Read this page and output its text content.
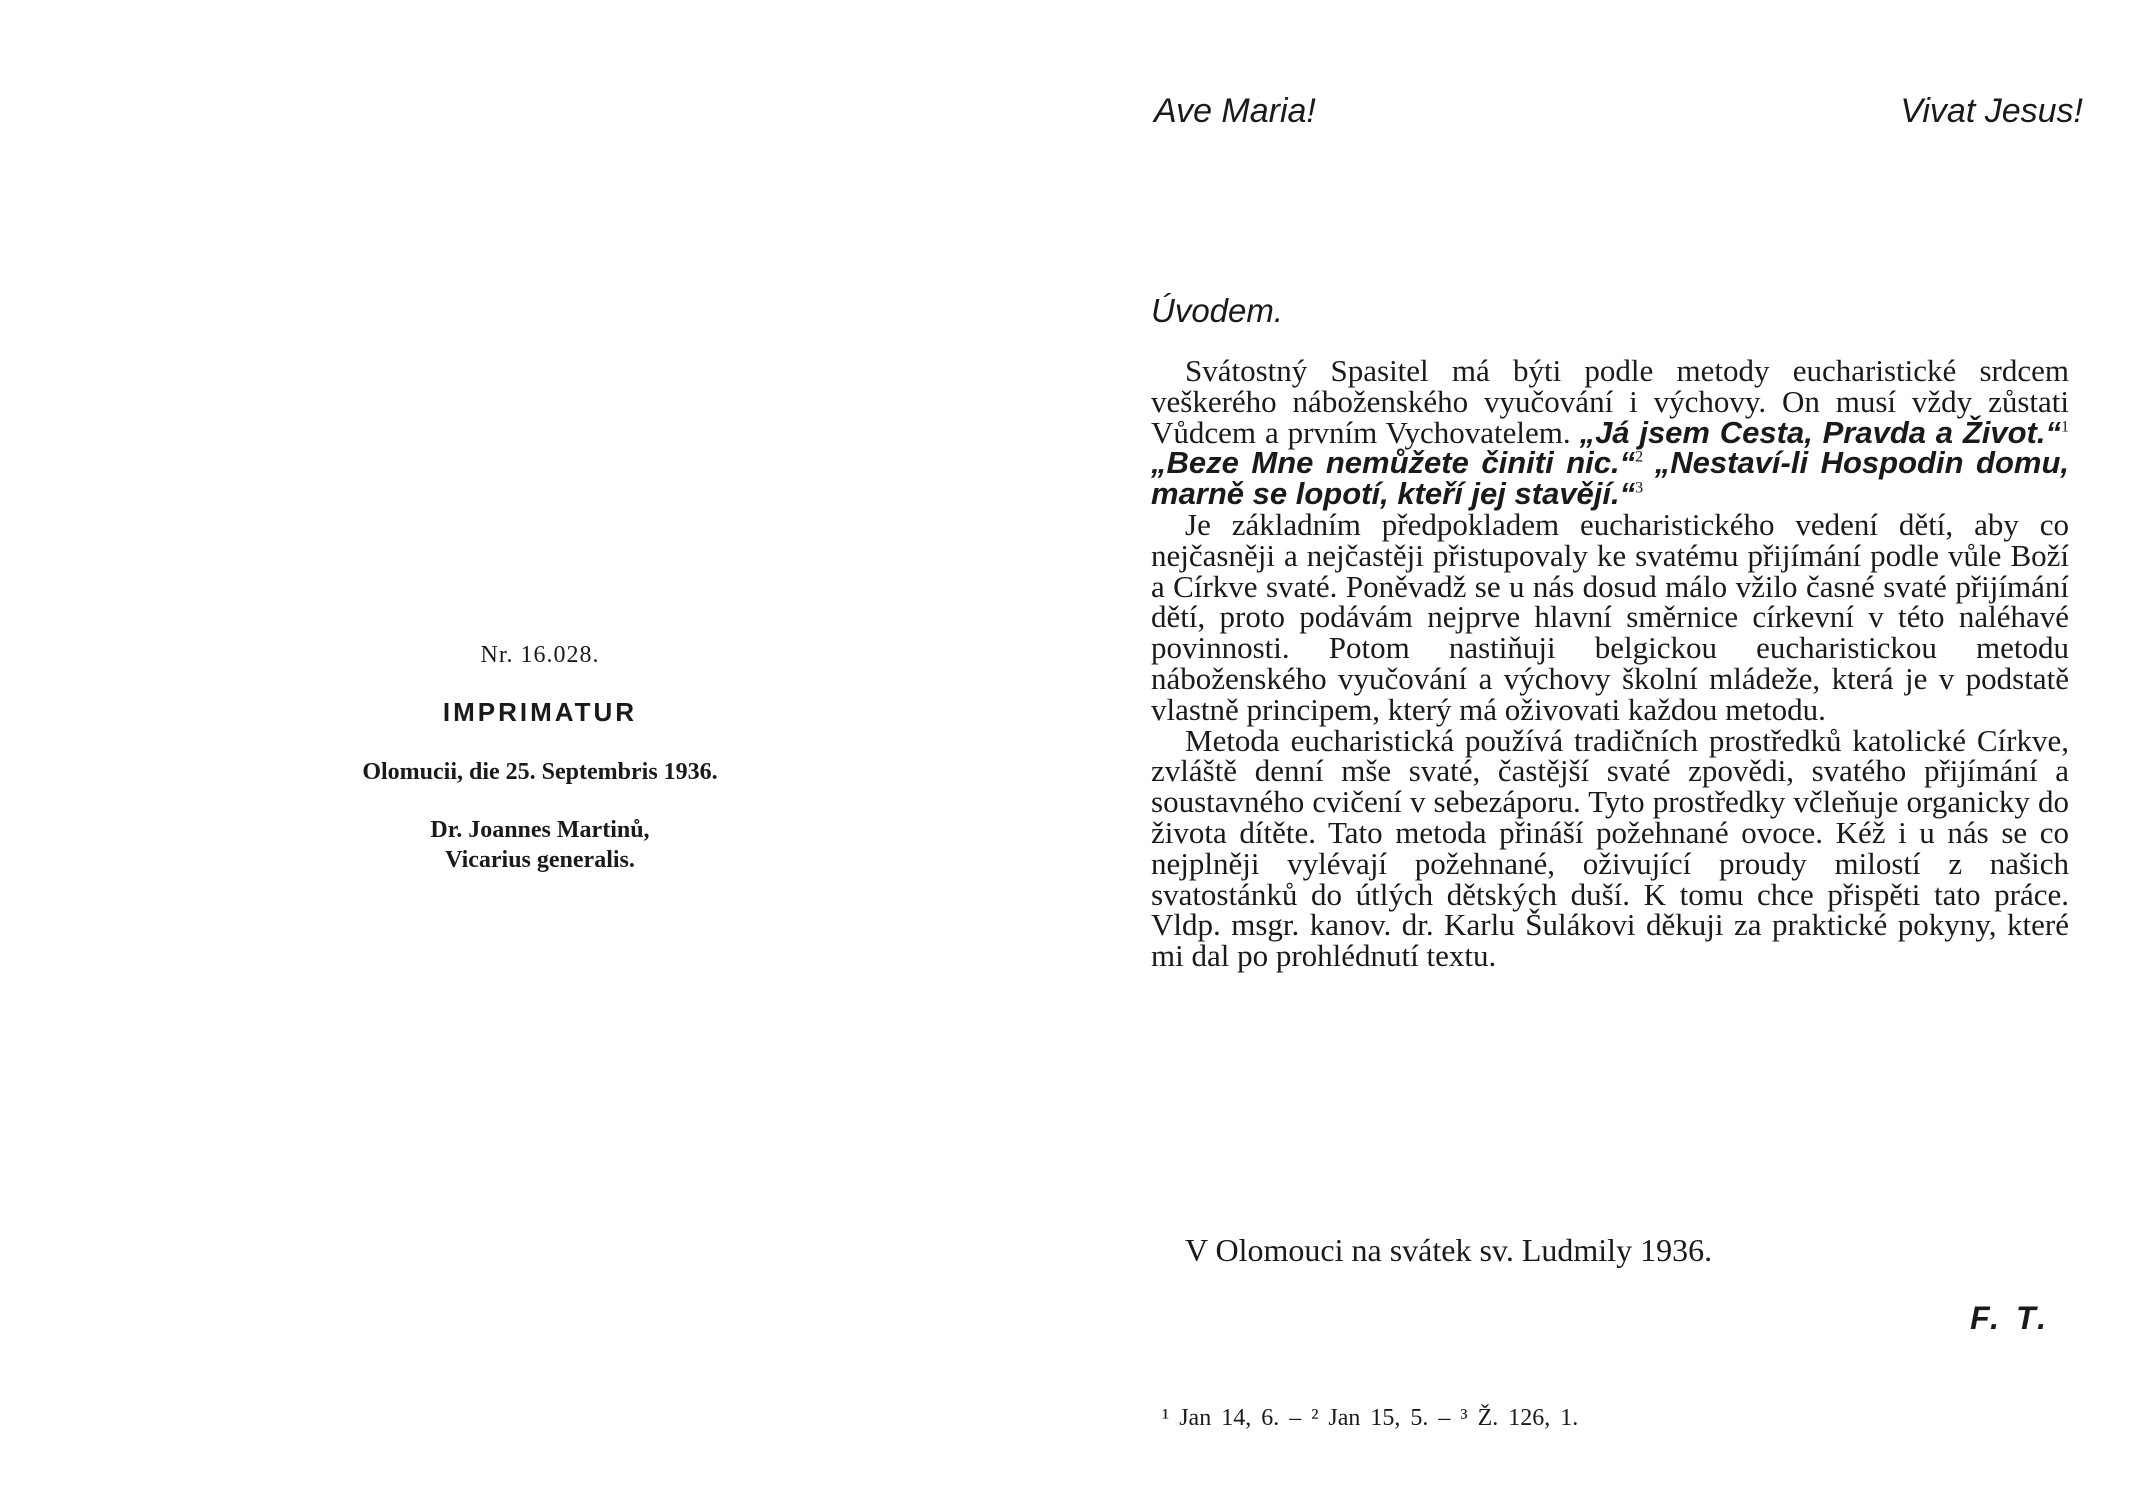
Nr. 16.028.
IMPRIMATUR
Olomucii, die 25. Septembris 1936.
Dr. Joannes Martinů,
Vicarius generalis.
Ave Maria!	Vivat Jesus!
Úvodem.

Svátostný Spasitel má býti podle metody eucharistické srdcem veškerého náboženského vyučování i výchovy. On musí vždy zůstati Vůdcem a prvním Vychovatelem. „Já jsem Cesta, Pravda a Život.“$^1$ „Beze Mne nemůžete činiti nic.“$^2$ „Nestaví-li Hospodin domu, marně se lopotí, kteří jej stavějí.“$^3$

Je základním předpokladem eucharistického vedení dětí, aby co nejčasněji a nejčastěji přistupovaly ke svatému přijímání podle vůle Boží a Církve svaté. Poněvadž se u nás dosud málo vžilo časné svaté přijímání dětí, proto podávám nejprve hlavní směrnice církevní v této naléhavé povinnosti. Potom nastiňuji belgickou eucharistickou metodu náboženského vyučování a výchovy školní mládeže, která je v podstatě vlastně principem, který má oživovati každou metodu.

Metoda eucharistická používá tradičních prostředků katolické Církve, zvláště denní mše svaté, častější svaté zpovědi, svatého přijímání a soustavného cvičení v sebezáporu. Tyto prostředky včleňuje organicky do života dítěte. Tato metoda přináší požehnané ovoce. Kéž i u nás se co nejplněji vylévají požehnané, oživující proudy milostí z našich svatostánků do útlých dětských duší. K tomu chce přispěti tato práce. Vldp. msgr. kanov. dr. Karlu Šulákovi děkuji za praktické pokyny, které mi dal po prohlédnutí textu.

V Olomouci na svátek sv. Ludmily 1936.
F. T.
¹ Jan 14, 6. – ² Jan 15, 5. – ³ Ž. 126, 1.
